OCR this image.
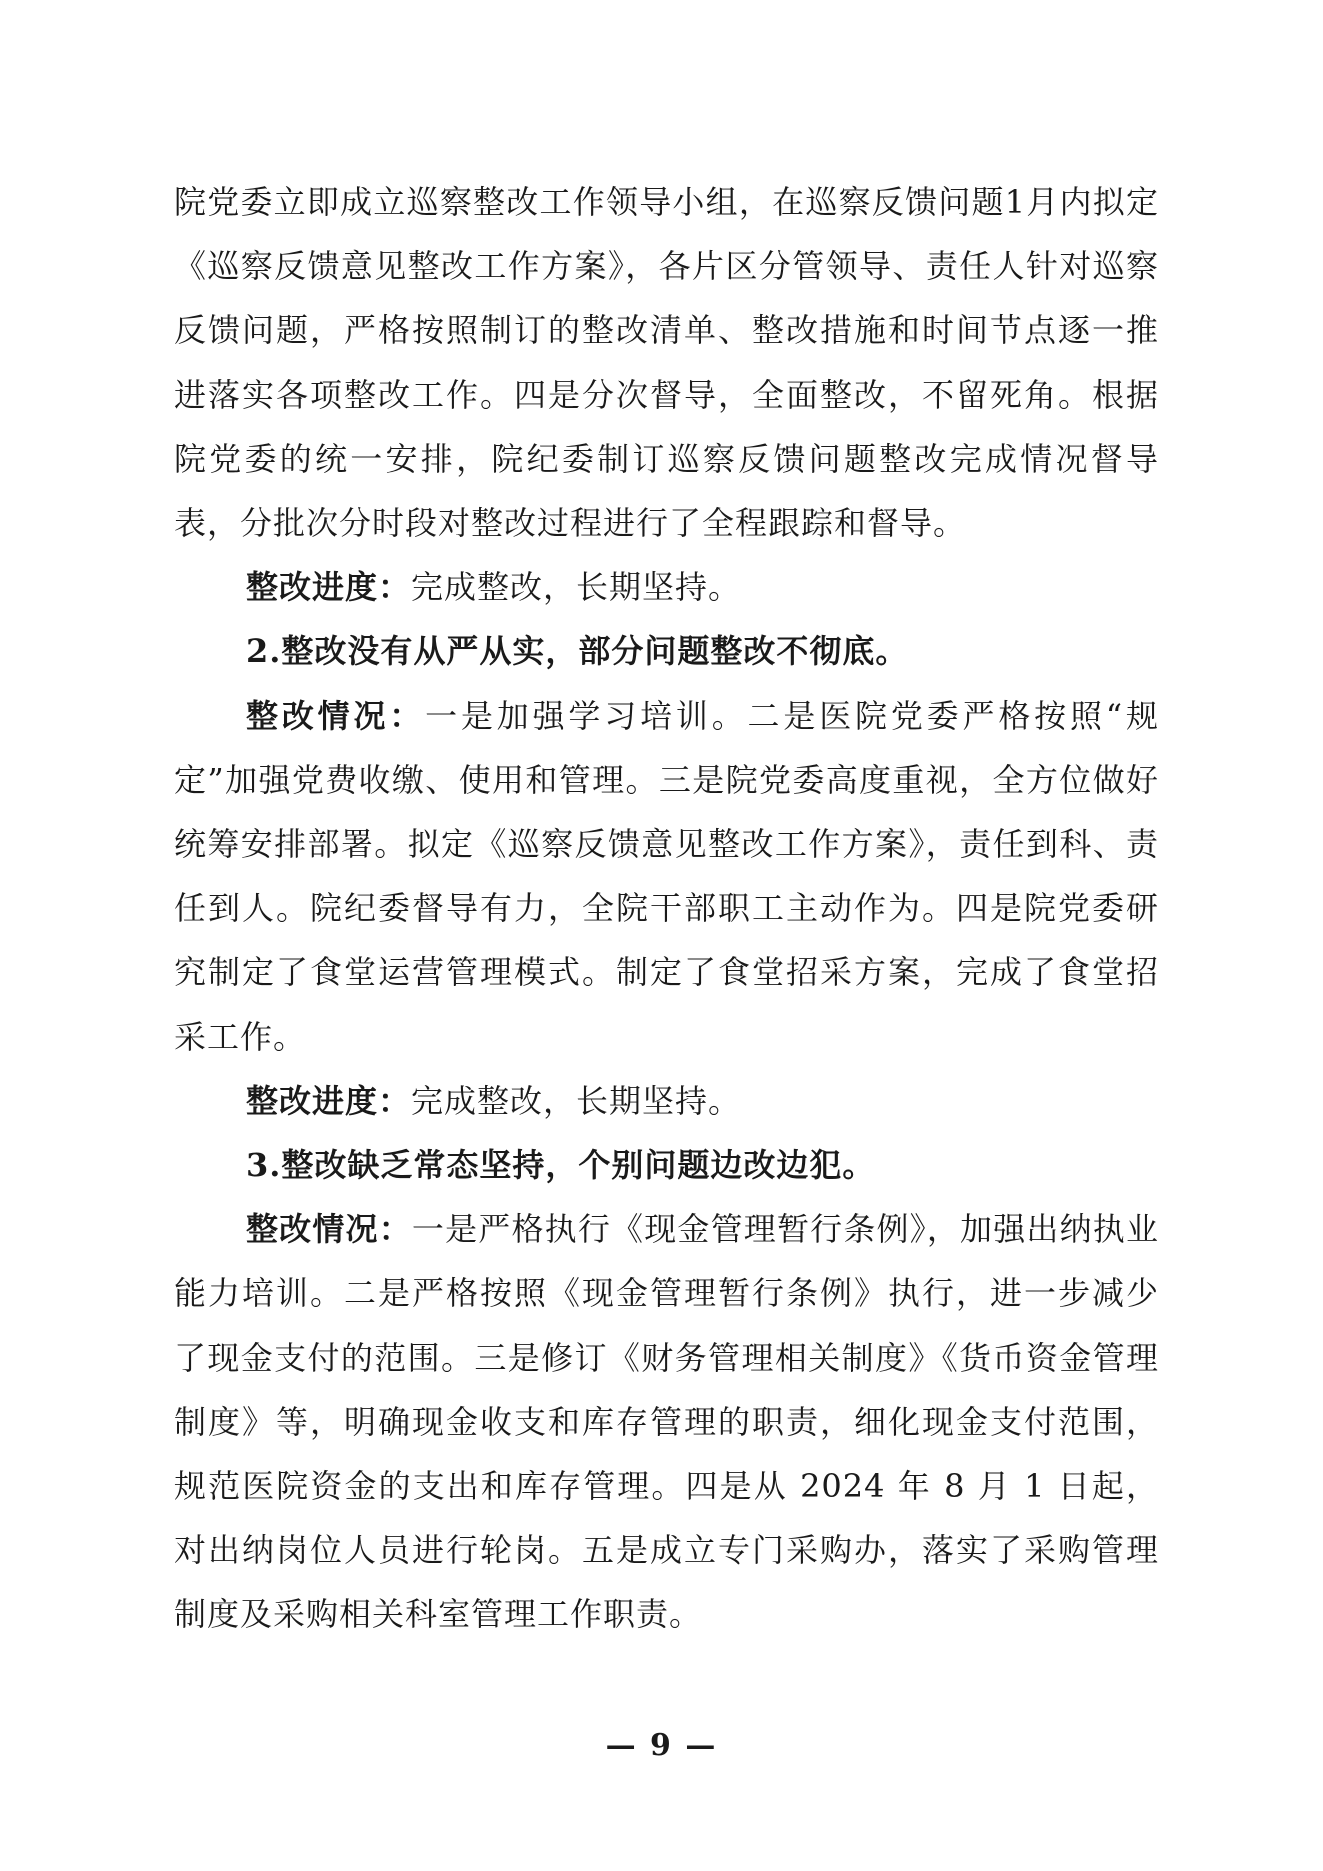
院党委立即成立巡察整改工作领导小组，在巡察反馈问题1月内拟定《巡察反馈意见整改工作方案》，各片区分管领导、责任人针对巡察反馈问题，严格按照制订的整改清单、整改措施和时间节点逐一推进落实各项整改工作。四是分次督导，全面整改，不留死角。根据院党委的统一安排，院纪委制订巡察反馈问题整改完成情况督导表，分批次分时段对整改过程进行了全程跟踪和督导。

整改进度：完成整改，长期坚持。

2.整改没有从严从实，部分问题整改不彻底。

整改情况：一是加强学习培训。二是医院党委严格按照“规定”加强党费收缴、使用和管理。三是院党委高度重视，全方位做好统筹安排部署。拟定《巡察反馈意见整改工作方案》，责任到科、责任到人。院纪委督导有力，全院干部职工主动作为。四是院党委研究制定了食堂运营管理模式。制定了食堂招采方案，完成了食堂招采工作。

整改进度：完成整改，长期坚持。

3.整改缺乏常态坚持，个别问题边改边犯。

整改情况：一是严格执行《现金管理暂行条例》，加强出纳执业能力培训。二是严格按照《现金管理暂行条例》执行，进一步减少了现金支付的范围。三是修订《财务管理相关制度》《货币资金管理制度》等，明确现金收支和库存管理的职责，细化现金支付范围，规范医院资金的支出和库存管理。四是从 2024 年 8 月 1 日起，对出纳岗位人员进行轮岗。五是成立专门采购办，落实了采购管理制度及采购相关科室管理工作职责。

— 9 —
